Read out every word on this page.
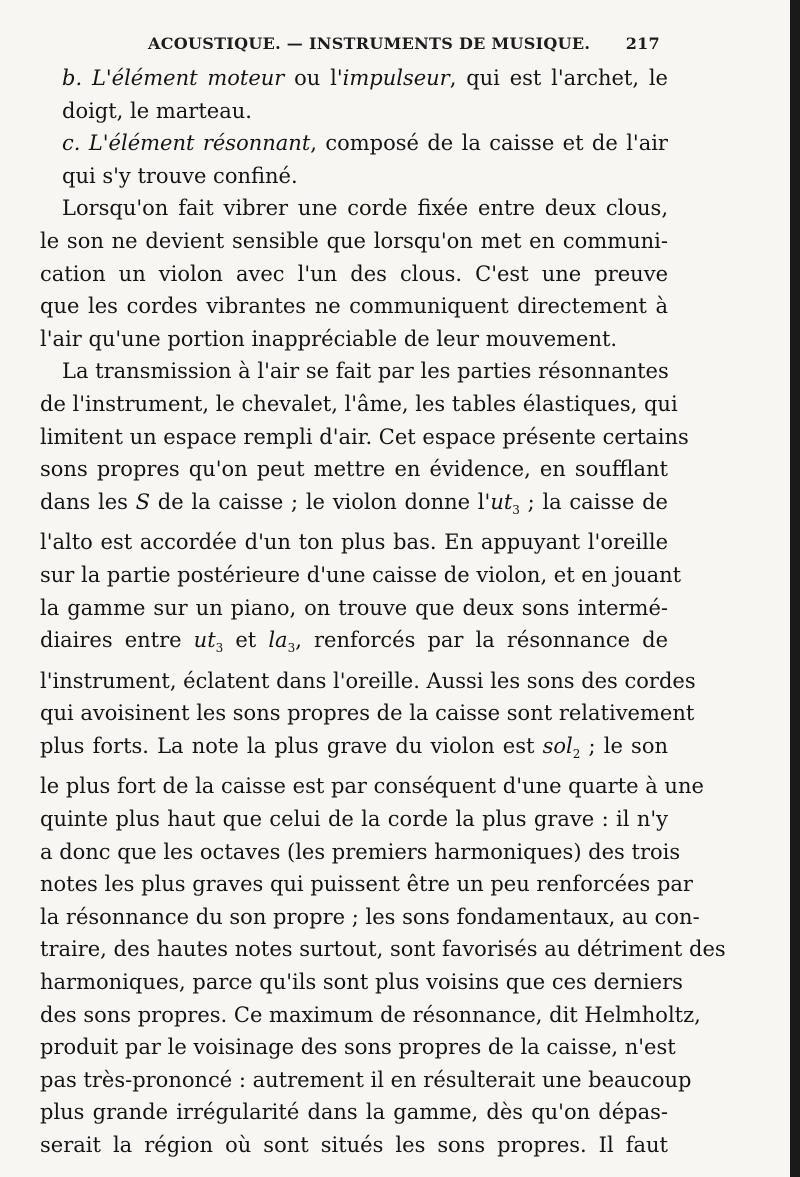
ACOUSTIQUE. — INSTRUMENTS DE MUSIQUE. 217

b. L'élément moteur ou l'impulseur, qui est l'archet, le
doigt, le marteau.

c. L'élément résonnant, composé de la caisse et de l'air
qui s'y trouve confiné.

Lorsqu'on fait vibrer une corde fixée entre deux clous,
le son ne devient sensible que lorsqu'on met en communi-
cation un violon avec l'un des clous. C'est une preuve
que les cordes vibrantes ne communiquent directement à
l'air qu'une portion inappréciable de leur mouvement.

La transmission à l'air se fait par les parties résonnantes
de l'instrument, le chevalet, l'âme, les tables élastiques, qui
limitent un espace rempli d'air. Cet espace présente certains
sons propres qu'on peut mettre en évidence, en soufflant
dans les S de la caisse ; le violon donne $l'ut_3$ ; la caisse de
l'alto est accordée d'un ton plus bas. En appuyant l'oreille
sur la partie postérieure d'une caisse de violon, et en jouant
la gamme sur un piano, on trouve que deux sons intermé-
diaires entre $ut_3$ et $la_3$, renforcés par la résonnance de
l'instrument, éclatent dans l'oreille. Aussi les sons des cordes
qui avoisinent les sons propres de la caisse sont relativement
plus forts. La note la plus grave du violon est sol$_2$ ; le son
le plus fort de la caisse est par conséquent d'une quarte à une
quinte plus haut que celui de la corde la plus grave : il n'y
a donc que les octaves (les premiers harmoniques) des trois
notes les plus graves qui puissent être un peu renforcées par
la résonnance du son propre ; les sons fondamentaux, au con-
traire, des hautes notes surtout, sont favorisés au détriment des
harmoniques, parce qu'ils sont plus voisins que ces derniers
des sons propres. Ce maximum de résonnance, dit Helmholtz,
produit par le voisinage des sons propres de la caisse, n'est
pas très-prononcé : autrement il en résulterait une beaucoup
plus grande irrégularité dans la gamme, dès qu'on dépas-
serait la région où sont situés les sons propres. Il faut
